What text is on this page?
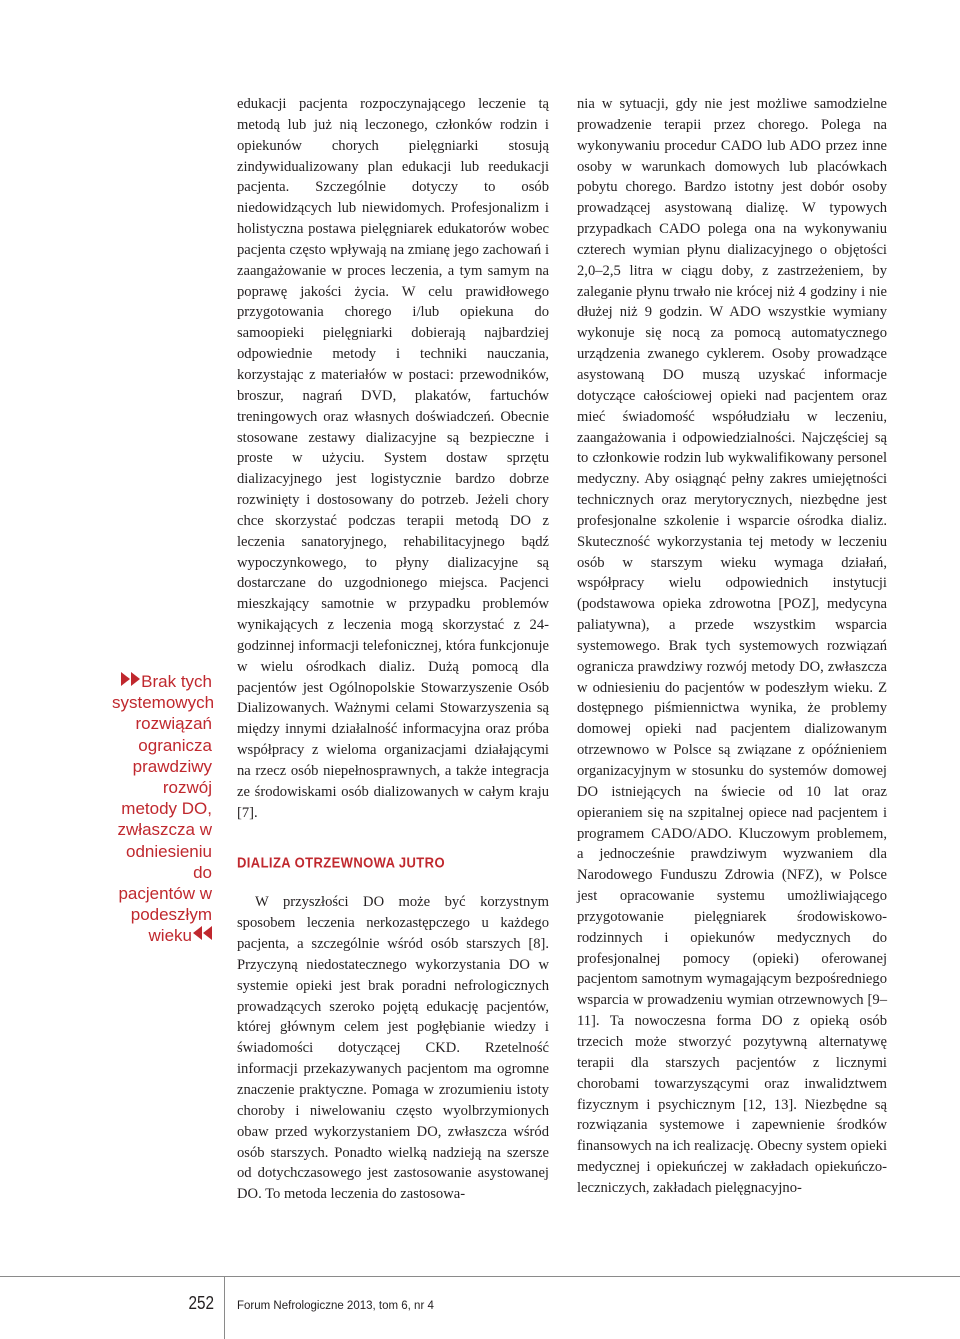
Brak tych systemowych rozwiązań ogranicza prawdziwy rozwój metody DO, zwłaszcza w odniesieniu do pacjentów w podeszłym wieku

edukacji pacjenta rozpoczynającego leczenie tą metodą lub już nią leczonego, członków rodzin i opiekunów chorych pielęgniarki stosują zindywidualizowany plan edukacji lub reedukacji pacjenta. Szczególnie dotyczy to osób niedowidzących lub niewidomych. Profesjonalizm i holistyczna postawa pielęgniarek edukatorów wobec pacjenta często wpływają na zmianę jego zachowań i zaangażowanie w proces leczenia, a tym samym na poprawę jakości życia. W celu prawidłowego przygotowania chorego i/lub opiekuna do samoopieki pielęgniarki dobierają najbardziej odpowiednie metody i techniki nauczania, korzystając z materiałów w postaci: przewodników, broszur, nagrań DVD, plakatów, fartuchów treningowych oraz własnych doświadczeń. Obecnie stosowane zestawy dializacyjne są bezpieczne i proste w użyciu. System dostaw sprzętu dializacyjnego jest logistycznie bardzo dobrze rozwinięty i dostosowany do potrzeb. Jeżeli chory chce skorzystać podczas terapii metodą DO z leczenia sanatoryjnego, rehabilitacyjnego bądź wypoczynkowego, to płyny dializacyjne są dostarczane do uzgodnionego miejsca. Pacjenci mieszkający samotnie w przypadku problemów wynikających z leczenia mogą skorzystać z 24-godzinnej informacji telefonicznej, która funkcjonuje w wielu ośrodkach dializ. Dużą pomocą dla pacjentów jest Ogólnopolskie Stowarzyszenie Osób Dializowanych. Ważnymi celami Stowarzyszenia są między innymi działalność informacyjna oraz próba współpracy z wieloma organizacjami działającymi na rzecz osób niepełnosprawnych, a także integracja ze środowiskami osób dializowanych w całym kraju [7].

DIALIZA OTRZEWNOWA JUTRO

W przyszłości DO może być korzystnym sposobem leczenia nerkozastępczego u każdego pacjenta, a szczególnie wśród osób starszych [8]. Przyczyną niedostatecznego wykorzystania DO w systemie opieki jest brak poradni nefrologicznych prowadzących szeroko pojętą edukację pacjentów, której głównym celem jest pogłębianie wiedzy i świadomości dotyczącej CKD. Rzetelność informacji przekazywanych pacjentom ma ogromne znaczenie praktyczne. Pomaga w zrozumieniu istoty choroby i niwelowaniu często wyolbrzymionych obaw przed wykorzystaniem DO, zwłaszcza wśród osób starszych. Ponadto wielką nadzieją na szersze od dotychczasowego jest zastosowanie asystowanej DO. To metoda leczenia do zastosowa-

nia w sytuacji, gdy nie jest możliwe samodzielne prowadzenie terapii przez chorego. Polega na wykonywaniu procedur CADO lub ADO przez inne osoby w warunkach domowych lub placówkach pobytu chorego. Bardzo istotny jest dobór osoby prowadzącej asystowaną dializę. W typowych przypadkach CADO polega ona na wykonywaniu czterech wymian płynu dializacyjnego o objętości 2,0–2,5 litra w ciągu doby, z zastrzeżeniem, by zaleganie płynu trwało nie krócej niż 4 godziny i nie dłużej niż 9 godzin. W ADO wszystkie wymiany wykonuje się nocą za pomocą automatycznego urządzenia zwanego cyklerem. Osoby prowadzące asystowaną DO muszą uzyskać informacje dotyczące całościowej opieki nad pacjentem oraz mieć świadomość współudziału w leczeniu, zaangażowania i odpowiedzialności. Najczęściej są to członkowie rodzin lub wykwalifikowany personel medyczny. Aby osiągnąć pełny zakres umiejętności technicznych oraz merytorycznych, niezbędne jest profesjonalne szkolenie i wsparcie ośrodka dializ. Skuteczność wykorzystania tej metody w leczeniu osób w starszym wieku wymaga działań, współpracy wielu odpowiednich instytucji (podstawowa opieka zdrowotna [POZ], medycyna paliatywna), a przede wszystkim wsparcia systemowego. Brak tych systemowych rozwiązań ogranicza prawdziwy rozwój metody DO, zwłaszcza w odniesieniu do pacjentów w podeszłym wieku. Z dostępnego piśmiennictwa wynika, że problemy domowej opieki nad pacjentem dializowanym otrzewnowo w Polsce są związane z opóźnieniem organizacyjnym w stosunku do systemów domowej DO istniejących na świecie od 10 lat oraz opieraniem się na szpitalnej opiece nad pacjentem i programem CADO/ADO. Kluczowym problemem, a jednocześnie prawdziwym wyzwaniem dla Narodowego Funduszu Zdrowia (NFZ), w Polsce jest opracowanie systemu umożliwiającego przygotowanie pielęgniarek środowiskowo-rodzinnych i opiekunów medycznych do profesjonalnej pomocy (opieki) oferowanej pacjentom samotnym wymagającym bezpośredniego wsparcia w prowadzeniu wymian otrzewnowych [9–11]. Ta nowoczesna forma DO z opieką osób trzecich może stworzyć pozytywną alternatywę terapii dla starszych pacjentów z licznymi chorobami towarzyszącymi oraz inwalidztwem fizycznym i psychicznym [12, 13]. Niezbędne są rozwiązania systemowe i zapewnienie środków finansowych na ich realizację. Obecny system opieki medycznej i opiekuńczej w zakładach opiekuńczo-leczniczych, zakładach pielęgnacyjno-

252 Forum Nefrologiczne 2013, tom 6, nr 4
